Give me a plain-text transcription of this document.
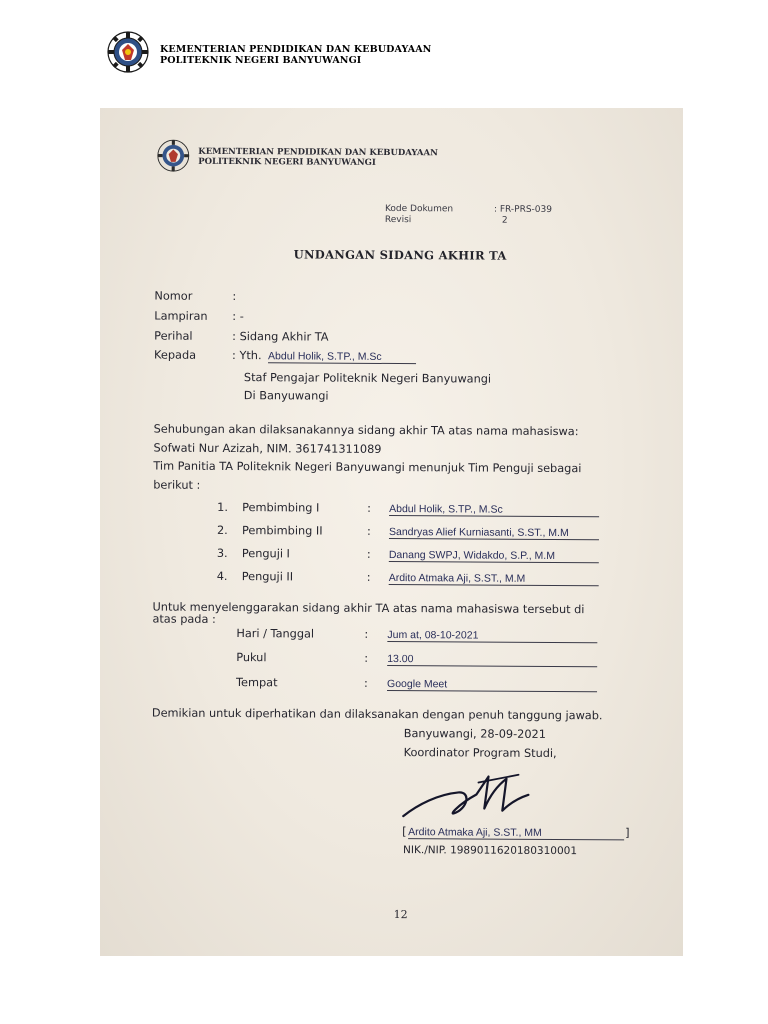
KEMENTERIAN PENDIDIKAN DAN KEBUDAYAAN
POLITEKNIK NEGERI BANYUWANGI
KEMENTERIAN PENDIDIKAN DAN KEBUDAYAAN
POLITEKNIK NEGERI BANYUWANGI
Kode Dokumen	: FR-PRS-039
Revisi	2
UNDANGAN SIDANG AKHIR TA
Nomor	:
Lampiran : -
Perihal	: Sidang Akhir TA
Kepada	: Yth. Abdul Holik, S.TP., M.Sc
Staf Pengajar Politeknik Negeri Banyuwangi
Di Banyuwangi
Sehubungan akan dilaksanakannya sidang akhir TA atas nama mahasiswa:
Sofwati Nur Azizah, NIM. 361741311089
Tim Panitia TA Politeknik Negeri Banyuwangi menunjuk Tim Penguji sebagai
berikut :
1. Pembimbing I	: Abdul Holik, S.TP., M.Sc
2. Pembimbing II	: Sandryas Alief Kurniasanti, S.ST., M.M
3. Penguji I	: Danang SWPJ, Widakdo, S.P., M.M
4. Penguji II	: Ardito Atmaka Aji, S.ST., M.M
Untuk menyelenggarakan sidang akhir TA atas nama mahasiswa tersebut di
atas pada :
Hari / Tanggal	: Jum at, 08-10-2021
Pukul	: 13.00
Tempat	: Google Meet
Demikian untuk diperhatikan dan dilaksanakan dengan penuh tanggung jawab.
Banyuwangi, 28-09-2021
Koordinator Program Studi,
[ Ardito Atmaka Aji, S.ST., MM	]
NIK./NIP. 1989011620180310001
12
